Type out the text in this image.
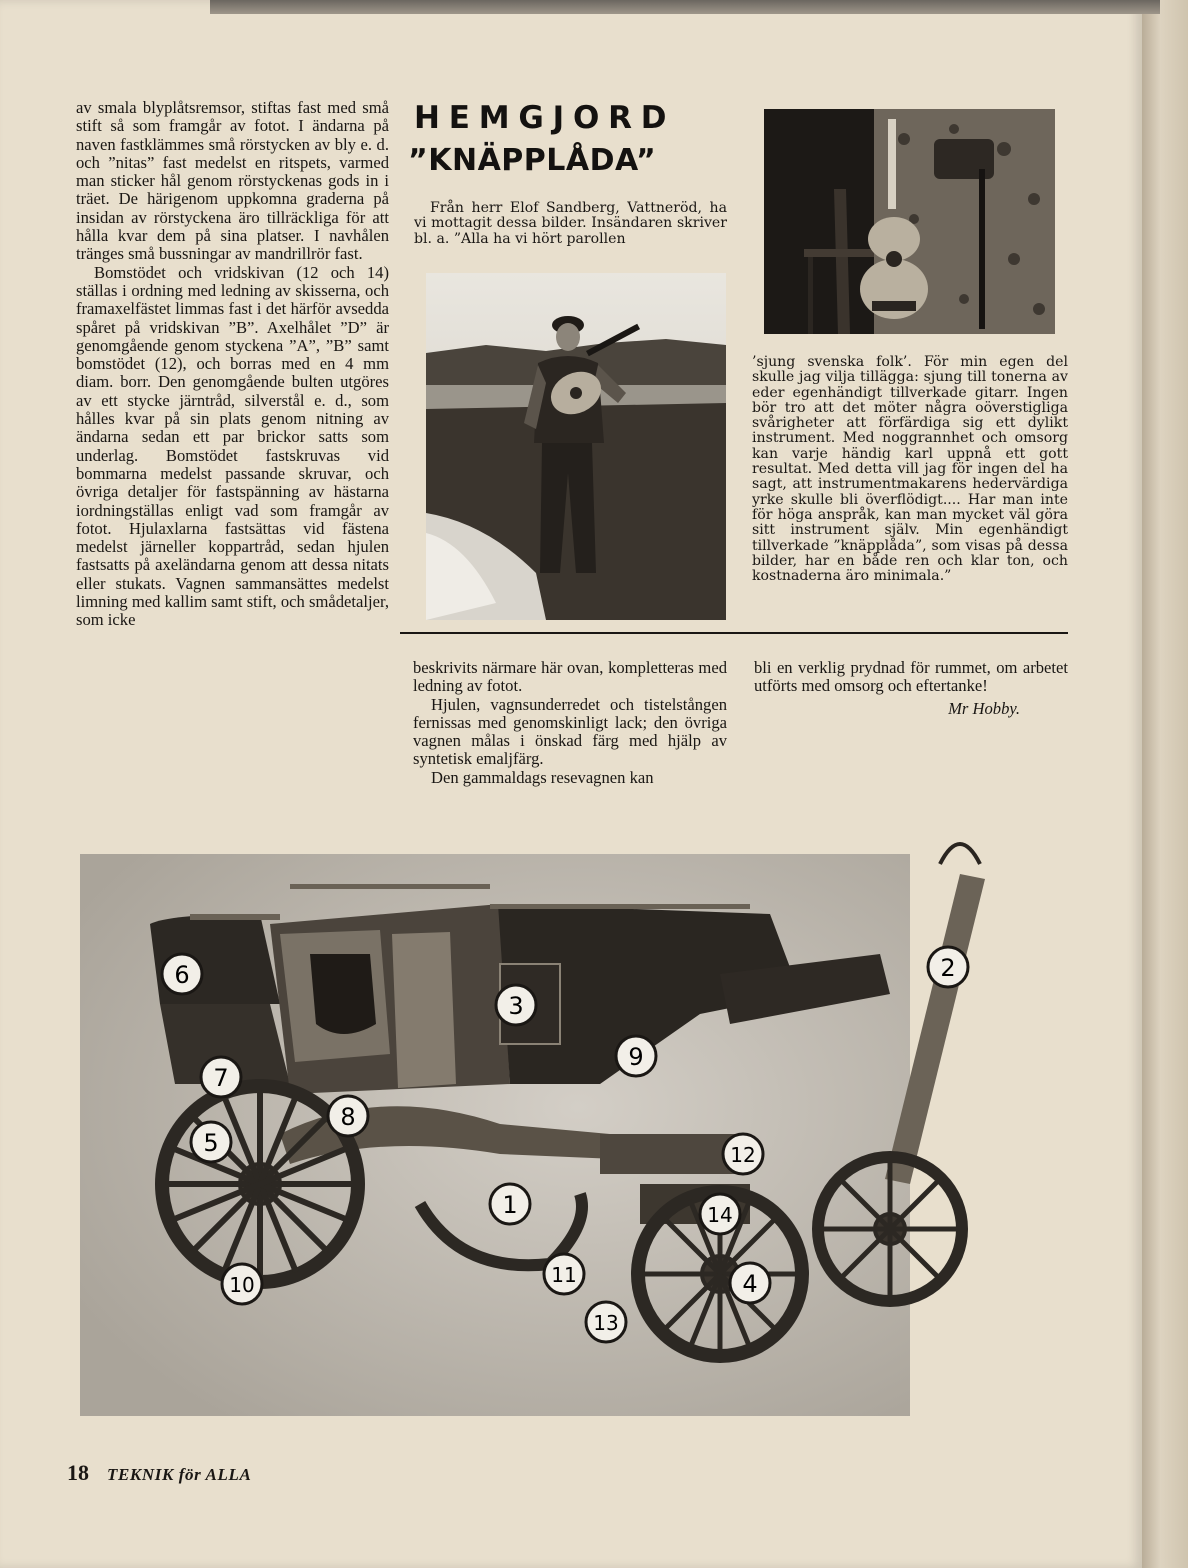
av smala blyplåtsremsor, stiftas fast med små stift så som framgår av fotot. I ändarna på naven fastklämmes små rörstycken av bly e. d. och ”nitas” fast medelst en ritspets, varmed man sticker hål genom rörstyckenas gods in i träet. De härigenom uppkomna graderna på insidan av rörstyckena äro tillräckliga för att hålla kvar dem på sina platser. I navhålen tränges små bussningar av mandrillrör fast.

Bomstödet och vridskivan (12 och 14) ställas i ordning med ledning av skisserna, och framaxelfästet limmas fast i det härför avsedda spåret på vridskivan ”B”. Axelhålet ”D” är genomgående genom styckena ”A”, ”B” samt bomstödet (12), och borras med en 4 mm diam. borr. Den genomgående bulten utgöres av ett stycke järntråd, silverstål e. d., som hålles kvar på sin plats genom nitning av ändarna sedan ett par brickor satts som underlag. Bomstödet fastskruvas vid bommarna medelst passande skruvar, och övriga detaljer för fastspänning av hästarna iordningställas enligt vad som framgår av fotot. Hjulaxlarna fastsättas vid fästena medelst järneller koppartråd, sedan hjulen fastsatts på axeländarna genom att dessa nitats eller stukats. Vagnen sammansättes medelst limning med kallim samt stift, och smådetaljer, som icke

HEMGJORD
”KNÄPPLÅDA”

Från herr Elof Sandberg, Vattneröd, ha vi mottagit dessa bilder. Insändaren skriver bl. a. ”Alla ha vi hört parollen

’sjung svenska folk’. För min egen del skulle jag vilja tillägga: sjung till tonerna av eder egenhändigt tillverkade gitarr. Ingen bör tro att det möter några oöverstigliga svårigheter att förfärdiga sig ett dylikt instrument. Med noggrannhet och omsorg kan varje händig karl uppnå ett gott resultat. Med detta vill jag för ingen del ha sagt, att instrumentmakarens hedervärdiga yrke skulle bli överflödigt.... Har man inte för höga anspråk, kan man mycket väl göra sitt instrument själv. Min egenhändigt tillverkade ”knäpplåda”, som visas på dessa bilder, har en både ren och klar ton, och kostnaderna äro minimala.”

beskrivits närmare här ovan, kompletteras med ledning av fotot.

Hjulen, vagnsunderredet och tistelstången fernissas med genomskinligt lack; den övriga vagnen målas i önskad färg med hjälp av syntetisk emaljfärg.

Den gammaldags resevagnen kan

bli en verklig prydnad för rummet, om arbetet utförts med omsorg och eftertanke!

Mr Hobby.

1
2
3
4
5
6
7
8
9
10	11
12
13
14
18 TEKNIK för ALLA
